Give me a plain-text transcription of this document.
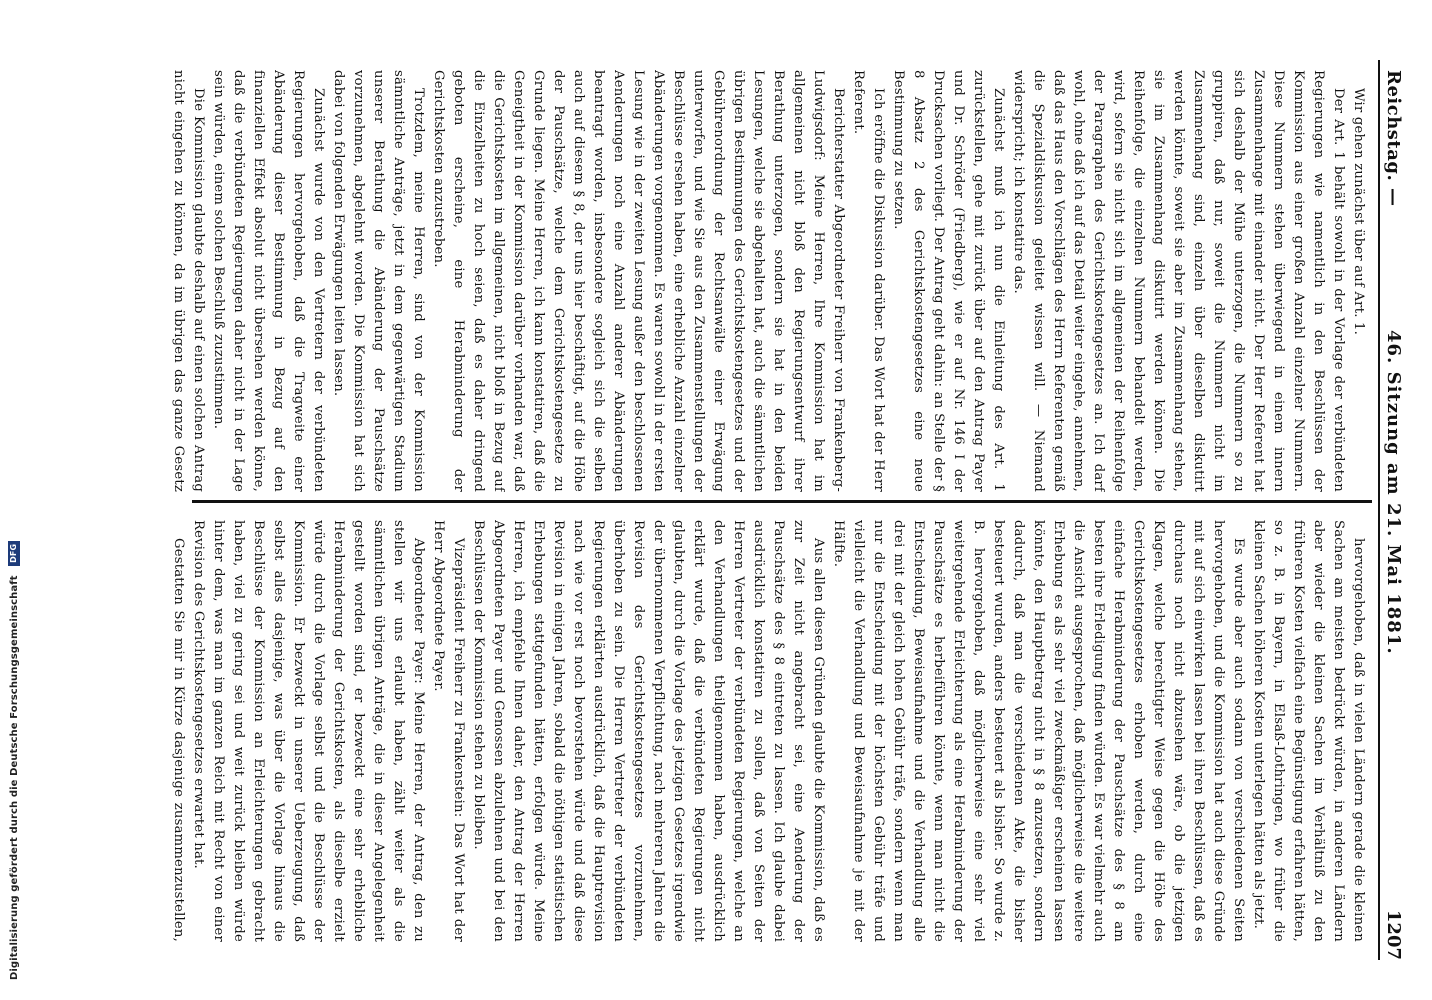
Digitalisierung gefördert durch die Deutsche Forschungsgemeinschaft DFG
Reichstag. —
46. Sitzung am 21. Mai 1881.
1207

Wir gehen zunächst über auf Art. 1.

Der Art. 1 behält sowohl in der Vorlage der verbündeten Regierungen wie namentlich in den Beschlüssen der Kommission aus einer großen Anzahl einzelner Nummern. Diese Nummern stehen überwiegend in einem innern Zusammenhange mit einander nicht. Der Herr Referent hat sich deshalb der Mühe unterzogen, die Nummern so zu gruppiren, daß nur, soweit die Nummern nicht im Zusammenhang sind, einzeln über dieselben diskutirt werden könnte, soweit sie aber im Zusammenhang stehen, sie im Zusammenhang diskutirt werden können. Die Reihenfolge, die einzelnen Nummern behandelt werden, wird, sofern sie nicht sich im allgemeinen der Reihenfolge der Paragraphen des Gerichtskostengesetzes an. Ich darf wohl, ohne daß ich auf das Detail weiter eingehe, annehmen, daß das Haus den Vorschlägen des Herrn Referenten gemäß die Spezialdiskussion geleitet wissen will. — Niemand widerspricht; ich konstatire das.

Zunächst muß ich nun die Einleitung des Art. 1 zurückstellen, gehe mit zurück über auf den Antrag Payer und Dr. Schröder (Friedberg), wie er auf Nr. 146 I der Drucksachen vorliegt. Der Antrag geht dahin: an Stelle der § 8 Absatz 2 des Gerichtskostengesetzes eine neue Bestimmung zu setzen.

Ich eröffne die Diskussion darüber. Das Wort hat der Herr Referent.

Berichterstatter Abgeordneter Freiherr von Frankenberg-Ludwigsdorf: Meine Herren, Ihre Kommission hat im allgemeinen nicht bloß den Regierungsentwurf ihrer Berathung unterzogen, sondern sie hat in den beiden Lesungen, welche sie abgehalten hat, auch die sämmtlichen übrigen Bestimmungen des Gerichtskostengesetzes und der Gebührenordnung der Rechtsanwälte einer Erwägung unterworfen, und wie Sie aus den Zusammenstellungen der Beschlüsse ersehen haben, eine erhebliche Anzahl einzelner Abänderungen vorgenommen. Es waren sowohl in der ersten Lesung wie in der zweiten Lesung außer den beschlossenen Aenderungen noch eine Anzahl anderer Abänderungen beantragt worden, insbesondere sogleich sich die selben auch auf diesem § 8, der uns hier beschäftigt, auf die Höhe der Pauschsätze, welche dem Gerichtskostengesetze zu Grunde liegen. Meine Herren, ich kann konstatiren, daß die Geneigtheit in der Kommission darüber vorhanden war, daß die Gerichtskosten im allgemeinen, nicht bloß in Bezug auf die Einzelheiten zu hoch seien, daß es daher dringend geboten erscheine, eine Herabminderung der Gerichtskosten anzustreben.

Trotzdem, meine Herren, sind von der Kommission sämmtliche Anträge, jetzt in dem gegenwärtigen Stadium unserer Berathung die Abänderung der Pauschsätze vorzunehmen, abgelehnt worden. Die Kommission hat sich dabei von folgenden Erwägungen leiten lassen.

Zunächst wurde von den Vertretern der verbündeten Regierungen hervorgehoben, daß die Tragweite einer Abänderung dieser Bestimmung in Bezug auf den finanziellen Effekt absolut nicht übersehen werden könne, daß die verbündeten Regierungen daher nicht in der Lage sein würden, einem solchen Beschluß zuzustimmen.

Die Kommission glaubte deshalb auf einen solchen Antrag nicht eingehen zu können, da im übrigen das ganze Gesetz

hervorgehoben, daß in vielen Ländern gerade die kleinen Sachen am meisten bedrückt würden, in anderen Ländern aber wieder die kleinen Sachen im Verhältniß zu den früheren Kosten vielfach eine Begünstigung erfahren hätten, so z. B. in Bayern, in Elsaß-Lothringen, wo früher die kleinen Sachen höheren Kosten unterlegen hätten als jetzt.

Es wurde aber auch sodann von verschiedenen Seiten hervorgehoben, und die Kommission hat auch diese Gründe mit auf sich einwirken lassen bei ihren Beschlüssen, daß es durchaus noch nicht abzusehen wäre, ob die jetzigen Klagen, welche berechtigter Weise gegen die Höhe des Gerichtskostengesetzes erhoben werden, durch eine einfache Herabminderung der Pauschsätze des § 8 am besten ihre Erledigung finden würden. Es war vielmehr auch die Ansicht ausgesprochen, daß möglicherweise die weitere Erhebung es als sehr viel zweckmäßiger erscheinen lassen könnte, den Hauptbetrag nicht in § 8 anzusetzen, sondern dadurch, daß man die verschiedenen Akte, die bisher besteuert wurden, anders besteuert als bisher. So wurde z. B. hervorgehoben, daß möglicherweise eine sehr viel weitergehende Erleichterung als eine Herabminderung der Pauschsätze es herbeiführen könnte, wenn man nicht die Entscheidung, Beweisaufnahme und die Verhandlung alle drei mit der gleich hohen Gebühr träfe, sondern wenn man nur die Entscheidung mit der höchsten Gebühr träfe und vielleicht die Verhandlung und Beweisaufnahme je mit der Hälfte.

Aus allen diesen Gründen glaubte die Kommission, daß es zur Zeit nicht angebracht sei, eine Aenderung der Pauschsätze des § 8 eintreten zu lassen. Ich glaube dabei ausdrücklich konstatiren zu sollen, daß von Seiten der Herren Vertreter der verbündeten Regierungen, welche an den Verhandlungen theilgenommen haben, ausdrücklich erklärt wurde, daß die verbündeten Regierungen nicht glaubten, durch die Vorlage des jetzigen Gesetzes irgendwie der übernommenen Verpflichtung, nach mehreren Jahren die Revision des Gerichtskostengesetzes vorzunehmen, überhoben zu sein. Die Herren Vertreter der verbündeten Regierungen erklärten ausdrücklich, daß die Hauptrevision nach wie vor erst noch bevorstehen würde und daß diese Revision in einigen Jahren, sobald die nöthigen statistischen Erhebungen stattgefunden hätten, erfolgen würde. Meine Herren, ich empfehle Ihnen daher, den Antrag der Herren Abgeordneten Payer und Genossen abzulehnen und bei den Beschlüssen der Kommission stehen zu bleiben.

Vizepräsident Freiherr zu Frankenstein: Das Wort hat der Herr Abgeordnete Payer.

Abgeordneter Payer: Meine Herren, der Antrag, den zu stellen wir uns erlaubt haben, zählt weiter als die sämmtlichen übrigen Anträge, die in dieser Angelegenheit gestellt worden sind, er bezweckt eine sehr erhebliche Herabminderung der Gerichtskosten, als dieselbe erzielt würde durch die Vorlage selbst und die Beschlüsse der Kommission. Er bezweckt in unserer Ueberzeugung, daß selbst alles dasjenige, was über die Vorlage hinaus die Beschlüsse der Kommission an Erleichterungen gebracht haben, viel zu gering sei und weit zurück bleiben würde hinter dem, was man im ganzen Reich mit Recht von einer Revision des Gerichtskostengesetzes erwartet hat.

Gestatten Sie mir in Kürze dasjenige zusammenzustellen,
